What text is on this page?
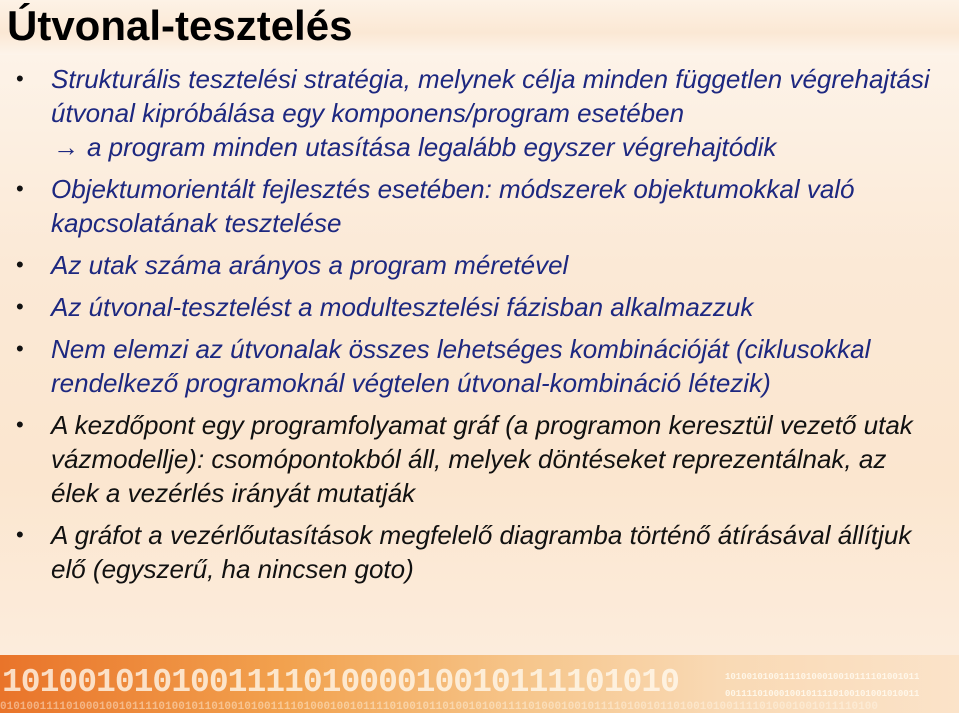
Útvonal-tesztelés
• Strukturális tesztelési stratégia, melynek célja minden független végrehajtási útvonal kipróbálása egy komponens/program esetében
→ a program minden utasítása legalább egyszer végrehajtódik
• Objektumorientált fejlesztés esetében: módszerek objektumokkal való kapcsolatának tesztelése
• Az utak száma arányos a program méretével
• Az útvonal-tesztelést a modultesztelési fázisban alkalmazzuk
• Nem elemzi az útvonalak összes lehetséges kombinációját (ciklusokkal rendelkező programoknál végtelen útvonal-kombináció létezik)
• A kezdőpont egy programfolyamat gráf (a programon keresztül vezető utak vázmodellje): csomópontokból áll, melyek döntéseket reprezentálnak, az élek a vezérlés irányát mutatják
• A gráfot a vezérlőutasítások megfelelő diagramba történő átírásával állítjuk elő (egyszerű, ha nincsen goto)
101001010100111101000010010111101010	101001010011110100010010111101001011
001111010001001011110100101001010011
0101001111010001001011110100101101001010011110100010010111101001011010010100111101000100101111010010110100101001111010001001011110100
